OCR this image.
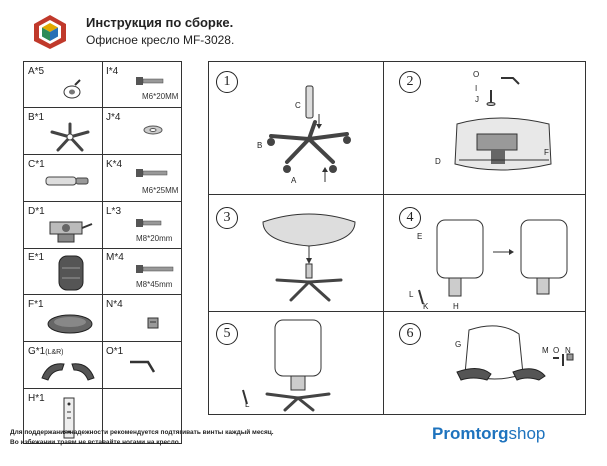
Инструкция по сборке.
Офисное кресло MF-3028.
A*5	I*4
M6*20MM
B*1	J*4
C*1	K*4
M6*25MM
D*1	L*3
M8*20mm
E*1	M*4
M8*45mm
F*1	N*4
G*1(L&R)	O*1
H*1
1
C
B
A
2	O
I
J
D
F
3	4
E
L
K	H
5
L
6
G
M O N
Для поддержания надежности рекомендуется подтягивать винты каждый месяц.
Во избежании травм не вставайте ногами на кресло.	Promtorgshop
